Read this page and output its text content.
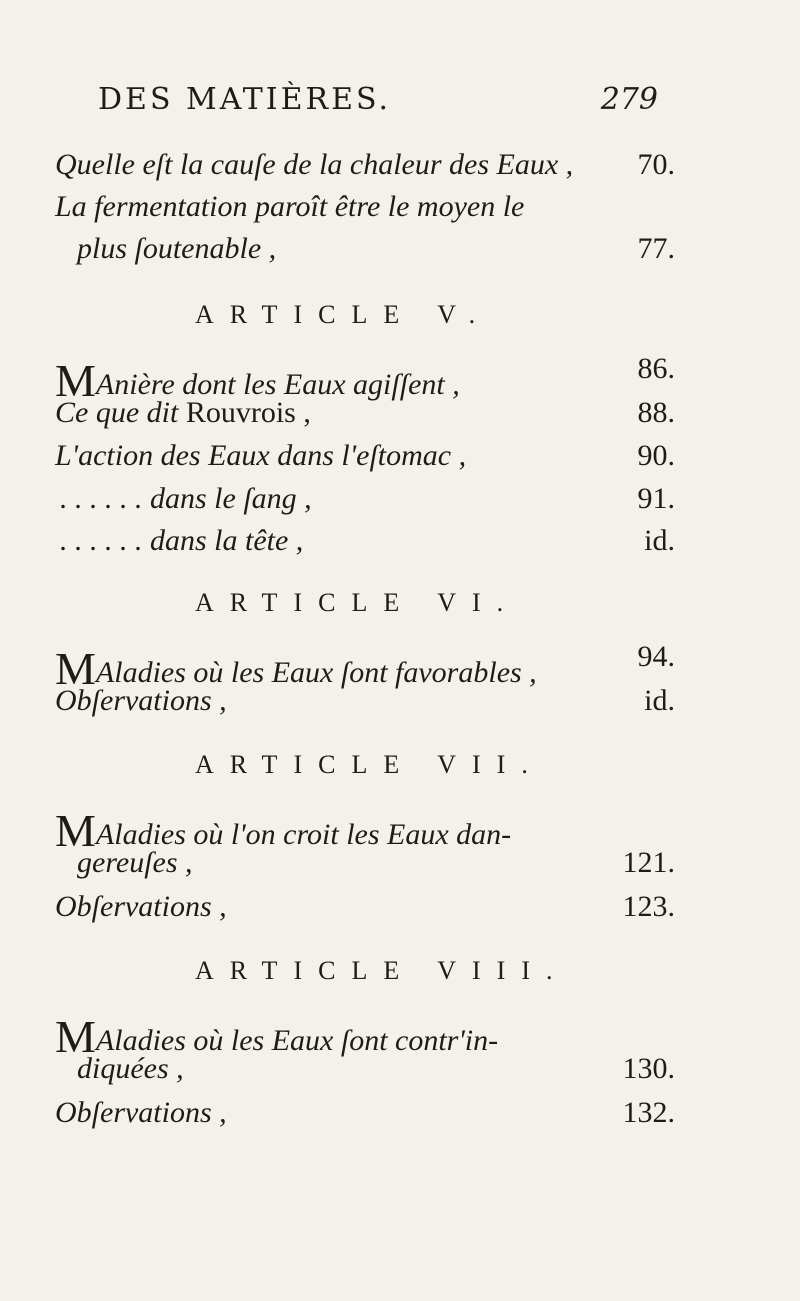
DES MATIÈRES.	279
Quelle eſt la cauſe de la chaleur des Eaux , 70.
La fermentation paroît être le moyen le
plus ſoutenable ,	77.
ARTICLE V.
MAnière dont les Eaux agiſſent ,	86.
Ce que dit Rouvrois ,	88.
L'action des Eaux dans l'eſtomac ,	90.
. . . . . . dans le ſang ,	91.
. . . . . . dans la tête ,	id.
ARTICLE VI.
MAladies où les Eaux ſont favorables ,	94.
Obſervations ,	id.
ARTICLE VII.
MAladies où l'on croit les Eaux dan-
gereuſes ,	121.
Obſervations ,	123.
ARTICLE VIII.
MAladies où les Eaux ſont contr'in-
diquées ,	130.
Obſervations ,	132.
